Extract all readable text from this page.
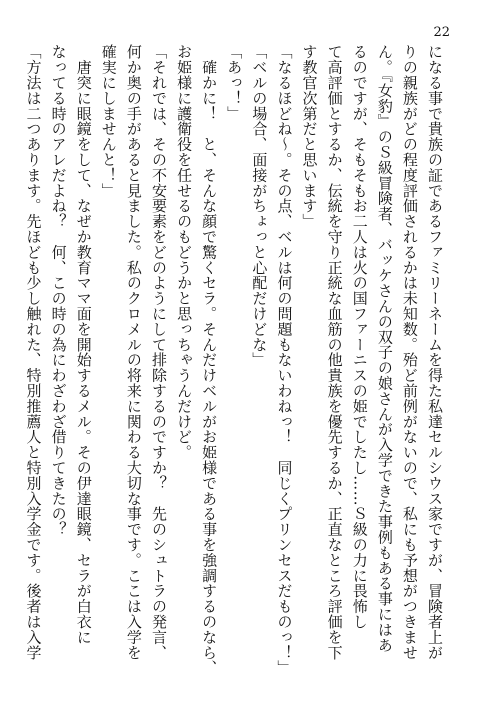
22
になる事で貴族の証であるファミリーネームを得た私達セルシウス家ですが、冒険者上が
りの親族がどの程度評価されるかは未知数。殆ど前例がないので、私にも予想がつきませ
ん。『女豹』のＳ級冒険者、バッケさんの双子の娘さんが入学できた事例もある事にはあ
るのですが、そもそもお二人は火の国ファーニスの姫でしたし……Ｓ級の力に畏怖し
て高評価とするか、伝統を守り正統な血筋の他貴族を優先するか、正直なところ評価を下
す教官次第だと思います」
「なるほどね～。その点、ベルは何の問題もないわねっ！　同じくプリンセスだものっ！」
「ベルの場合、面接がちょっと心配だけどな」
「あっ！」
　確かに！　と、そんな顔で驚くセラ。そんだけベルがお姫様である事を強調するのなら、
お姫様に護衛役を任せるのもどうかと思っちゃうんだけど。
「それでは、その不安要素をどのようにして排除するのですか？　先のシュトラの発言、
何か奥の手があると見ました。私のクロメルの将来に関わる大切な事です。ここは入学を
確実にしませんと！」
　唐突に眼鏡をして、なぜか教育ママ面を開始するメル。その伊達眼鏡、セラが白衣に
なってる時のアレだよね？　何、この時の為にわざわざ借りてきたの？
「方法は二つあります。先ほども少し触れた、特別推薦人と特別入学金です。後者は入学
